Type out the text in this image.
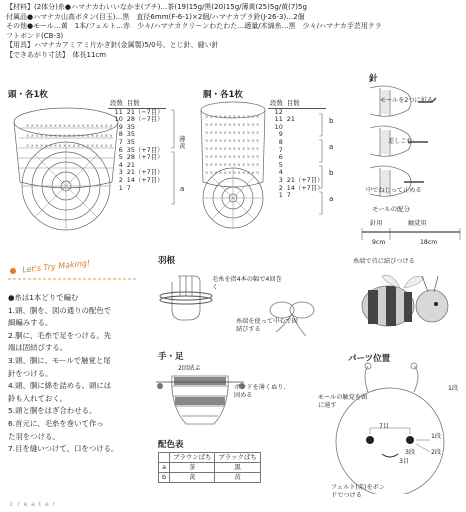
【材料】(2体分)糸●ハマナカわいいなかま(ブチ)…茶(19)15g/黒(20)15g/薄黄(25)5g/黄(7)5g
付属品●ハマナカ山高ボタン(目玉)…黒　直径6mm(F-6-1)×2個/ハマナカプラ鈴(J-26-3)…2個
その他●モール…黄　1本/フェルト…赤　少々/ハマナカクリーンわたわた…適量/木綿糸…黒　少々/ハマナカ手芸用クラ
フトボンド(CB-3)
【用具】ハマナカアミアミ片かぎ針(金属製)5/0号、とじ針、縫い針
【できあがり寸法】　体長11cm
頭・各1枚
× × × × × × × × × × × × × × × × × × ×
× × × × × × × × × × × × × × × × × × ×
× × × × × × × × × × × × × × × × × × ×
段数	目数
11	21（−7目）
10	28（−7目）
9	35
8	35
7	35
6	35（+7目）
5	28（+7目）
4	21
3	21（+7目）
2	14（+7目）
1	7
薄黄
a
胴・各1枚
× × × × × × × × × × × ×
× × × × × × × × × × × ×
× × × × × × × × × × × ×
× × × × × × × × × × × ×
× × × × × × × × × × × ×
× × × × × × × × × × × ×
× × × × × × × × × × × ×
× × × × × × × × × × × ×
段数	目数
12	
11	21
10	
9	
8	
7	
6	
5	
4	
3	21（+7目）
2	14（+7目）
1	7
b
a
b
a
針
モールを2つに折る
差しこむ
中でねじって止める
モールの配分
針用	触覚用
9cm	18cm
Let's Try Making!
●糸は1本どりで編む
1.頭、胴を、図の通りの配色で
細編みする。
2.胴に、毛糸で足をつける。先
端は固結びする。
3.頭、胴に、モールで触覚と尾
針をつける。
4.頭、胴に綿を詰める。頭には
鈴も入れておく。
5.頭と胴をはぎ合わせる。
6.首元に、毛糸を巻いて作っ
た羽をつける。
7.目を縫いつけて、口をつける。
羽根
毛糸を指4本の幅で4回巻く
糸端で首に結びつける
糸端を使って中心で固結びする
手・足
2回結ぶ
ボンドを薄くぬり、固める
配色表
	ブラウンばち	ブラックばち
a	茶	黒
b	黄	黄
パーツ位置
モールの触覚を頭に通す
7目
1段
2段
3段
3目
フェルト(赤)をボンドでつける
1段
c r e a t e r
